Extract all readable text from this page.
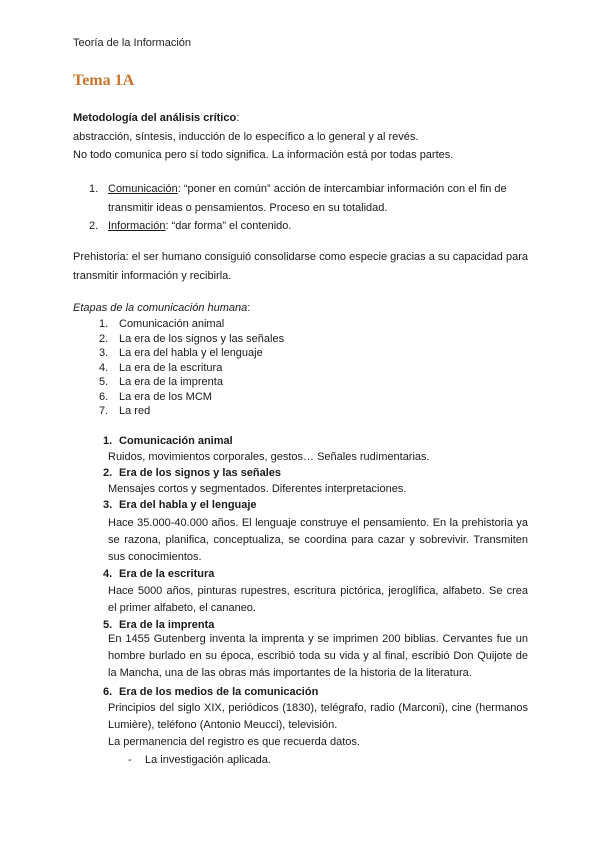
Teoría de la Información
Tema 1A
Metodología del análisis crítico:
abstracción, síntesis, inducción de lo específico a lo general y al revés.
No todo comunica pero sí todo significa. La información está por todas partes.
1. Comunicación: “poner en común” acción de intercambiar información con el fin de
transmitir ideas o pensamientos. Proceso en su totalidad.
2. Información: “dar forma” el contenido.
Prehistoria: el ser humano consiguió consolidarse como especie gracias a su capacidad para transmitir información y recibirla.
Etapas de la comunicación humana:
1. Comunicación animal
2. La era de los signos y las señales
3. La era del habla y el lenguaje
4. La era de la escritura
5. La era de la imprenta
6. La era de los MCM
7. La red
1. Comunicación animal
Ruidos, movimientos corporales, gestos… Señales rudimentarias.
2. Era de los signos y las señales
Mensajes cortos y segmentados. Diferentes interpretaciones.
3. Era del habla y el lenguaje
Hace 35.000-40.000 años. El lenguaje construye el pensamiento. En la prehistoria ya se razona, planifica, conceptualiza, se coordina para cazar y sobrevivir. Transmiten sus conocimientos.
4. Era de la escritura
Hace 5000 años, pinturas rupestres, escritura pictórica, jeroglífica, alfabeto. Se crea el primer alfabeto, el cananeo.
5. Era de la imprenta
En 1455 Gutenberg inventa la imprenta y se imprimen 200 biblias. Cervantes fue un hombre burlado en su época, escribió toda su vida y al final, escribió Don Quijote de la Mancha, una de las obras más importantes de la historia de la literatura.
6. Era de los medios de la comunicación
Principios del siglo XIX, periódicos (1830), telégrafo, radio (Marconi), cine (hermanos Lumière), teléfono (Antonio Meucci), televisión.
La permanencia del registro es que recuerda datos.
- La investigación aplicada.
